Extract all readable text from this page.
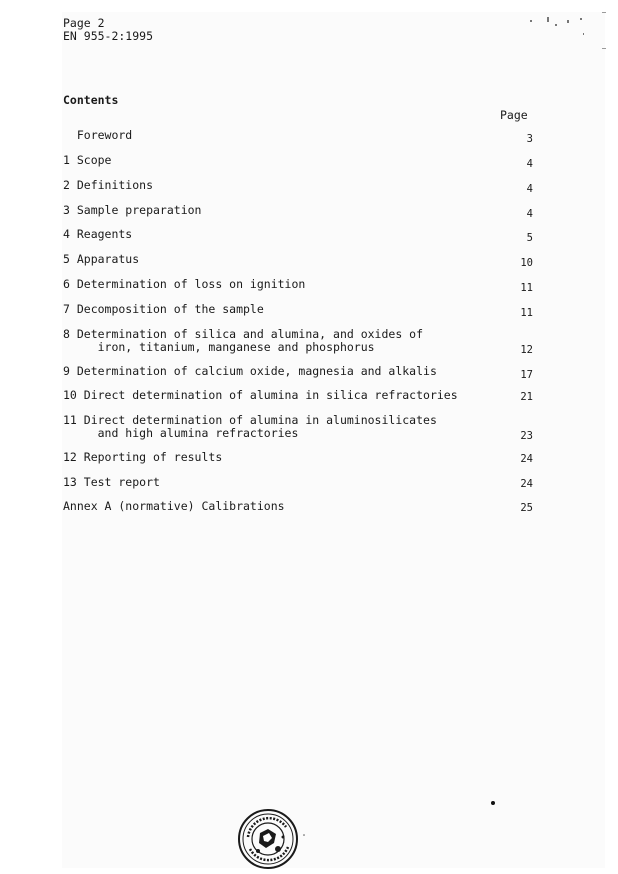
Page 2
EN 955-2:1995
Contents
Page
Foreword	3
1 Scope	4
2 Definitions	4
3 Sample preparation	4
4 Reagents	5
5 Apparatus	10
6 Determination of loss on ignition	11
7 Decomposition of the sample	11
8 Determination of silica and alumina, and oxides of
iron, titanium, manganese and phosphorus	12
9 Determination of calcium oxide, magnesia and alkalis	17
10 Direct determination of alumina in silica refractories	21
11 Direct determination of alumina in aluminosilicates
and high alumina refractories	23
12 Reporting of results	24
13 Test report	24
Annex A (normative) Calibrations	25
